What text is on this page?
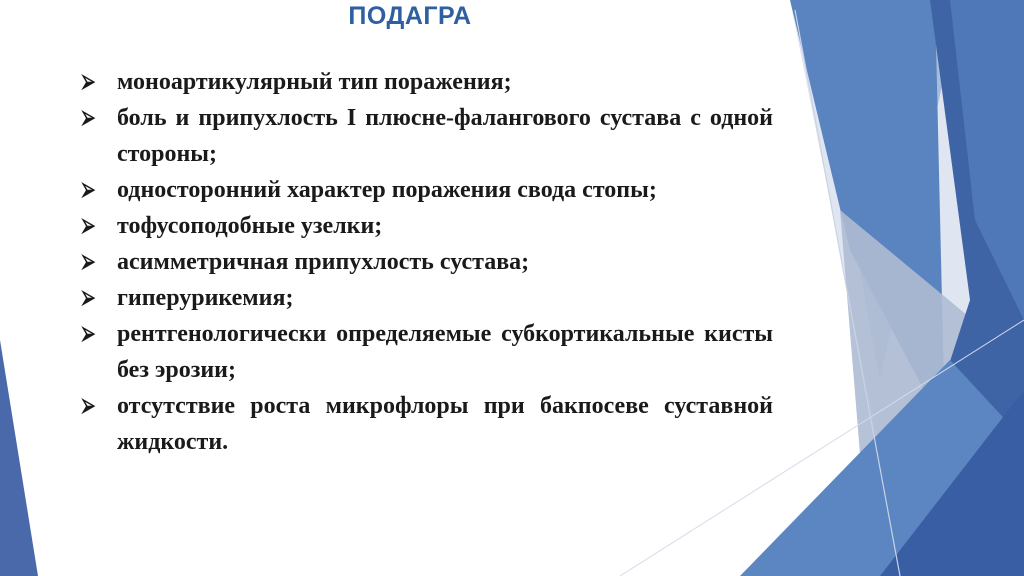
ПОДАГРА
⮚ моноартикулярный тип поражения;
⮚ боль и припухлость I плюсне-фалангового сустава с одной стороны;
⮚ односторонний характер поражения свода стопы;
⮚ тофусоподобные узелки;
⮚ асимметричная припухлость сустава;
⮚ гиперурикемия;
⮚ рентгенологически определяемые субкортикальные кисты без эрозии;
⮚ отсутствие роста микрофлоры при бакпосеве суставной жидкости.
